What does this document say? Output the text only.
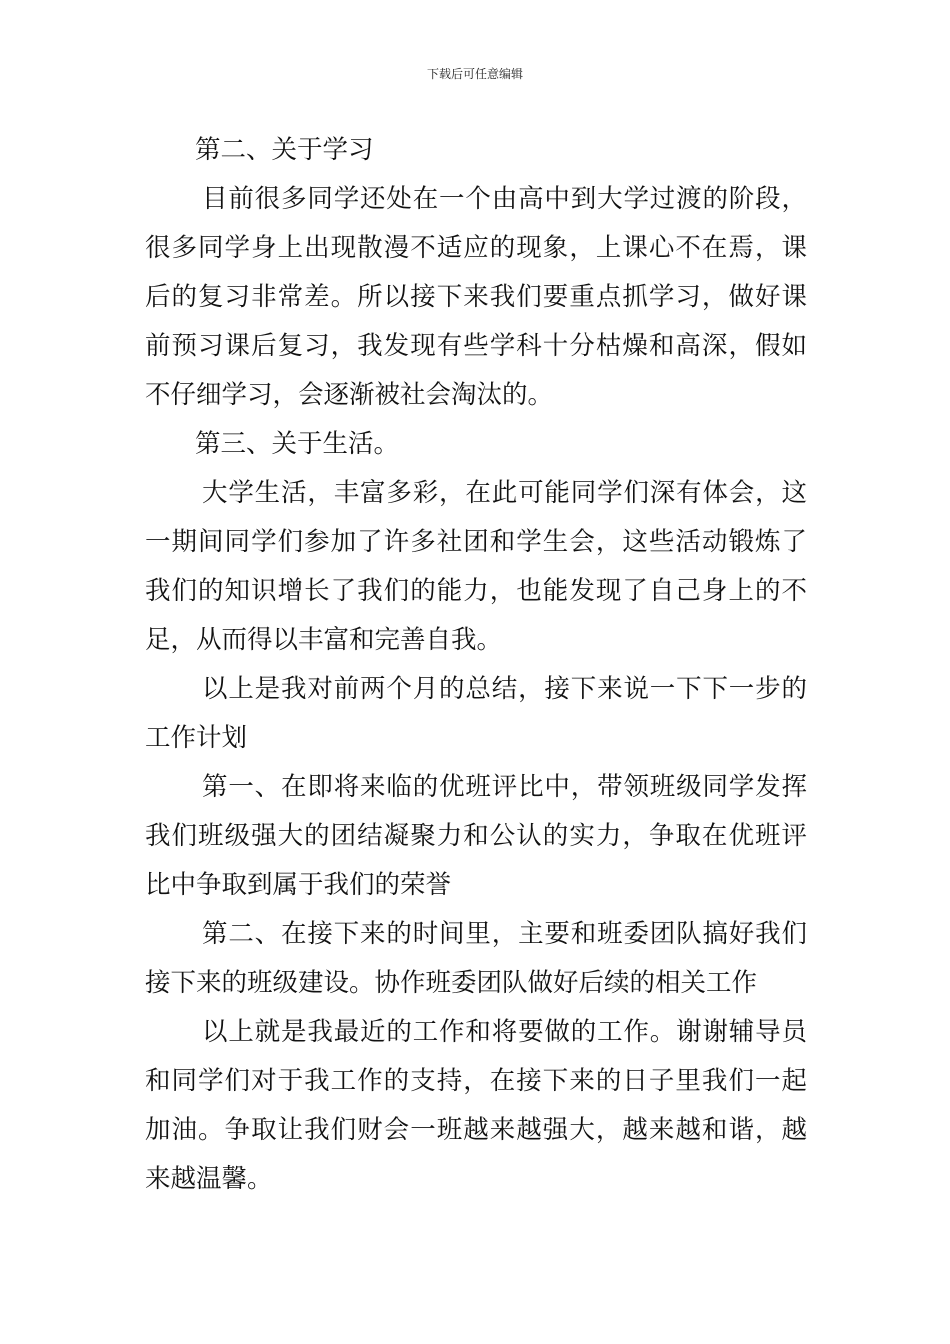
下载后可任意编辑

第二、关于学习

目前很多同学还处在一个由高中到大学过渡的阶段，很多同学身上出现散漫不适应的现象，上课心不在焉，课后的复习非常差。所以接下来我们要重点抓学习，做好课前预习课后复习，我发现有些学科十分枯燥和高深，假如不仔细学习，会逐渐被社会淘汰的。

第三、关于生活。

大学生活，丰富多彩，在此可能同学们深有体会，这一期间同学们参加了许多社团和学生会，这些活动锻炼了我们的知识增长了我们的能力，也能发现了自己身上的不足，从而得以丰富和完善自我。

以上是我对前两个月的总结，接下来说一下下一步的工作计划

第一、在即将来临的优班评比中，带领班级同学发挥我们班级强大的团结凝聚力和公认的实力，争取在优班评比中争取到属于我们的荣誉

第二、在接下来的时间里，主要和班委团队搞好我们接下来的班级建设。协作班委团队做好后续的相关工作

以上就是我最近的工作和将要做的工作。谢谢辅导员和同学们对于我工作的支持，在接下来的日子里我们一起加油。争取让我们财会一班越来越强大，越来越和谐，越来越温馨。
